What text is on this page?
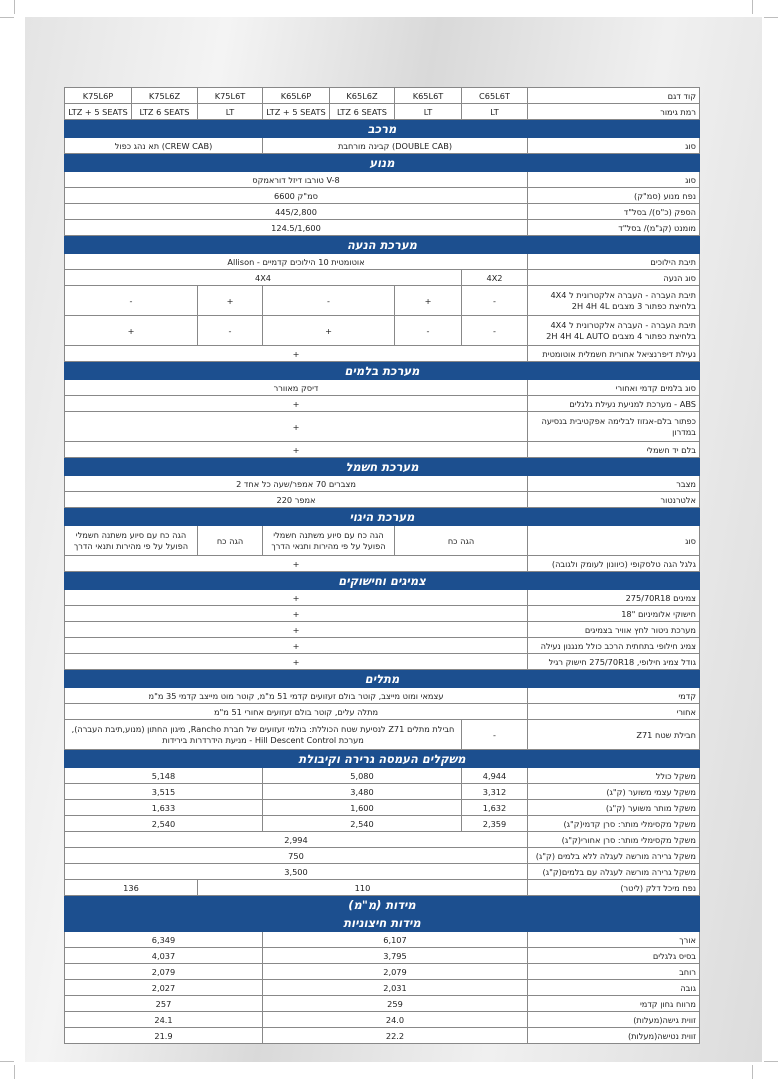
K75L6P	K75L6Z	K75L6T	K65L6P	K65L6Z	K65L6T	C65L6T	קוד דגם
LTZ + 5 SEATS	LTZ 6 SEATS	LT	LTZ + 5 SEATS	LTZ 6 SEATS	LT	LT	רמת גימור
מרכב							
תא נהג כפול (CREW CAB)			קבינה מורחבת (DOUBLE CAB)				סוג
מנוע							
טורבו דיזל דוראמקס V-8							סוג
6600 סמ"ק							נפח מנוע (סמ"ק)
445/2,800							הספק (כ"ס)/ בסל"ד
124.5/1,600							מומנט (קג"מ)/ בסל"ד
מערכת הנעה							
Allison - אוטומטית 10 הילוכים קדמיים							תיבת הילוכים
4X4						4X2	סוג הנעה
-		+	-		+	-	תיבת העברה - העברה אלקטרונית ל 4X4 בלחיצת כפתור 3 מצבים 2H 4H 4L
+		-	+		-	-	תיבת העברה - העברה אלקטרונית ל 4X4 בלחיצת כפתור 4 מצבים 2H 4H 4L AUTO
+							נעילת דיפרנציאל אחורית חשמלית אוטומטית
מערכת בלמים							
דיסק מאוורר							סוג בלמים קדמי ואחורי
+							ABS - מערכת למניעת נעילת גלגלים
+							כפתור בלם-אגזוז לבלימה אפקטיבית בנסיעה במדרון
+							בלם יד חשמלי
מערכת חשמל							
2 מצברים 70 אמפר/שעה כל אחד							מצבר
220 אמפר							אלטרנטור
מערכת היגוי							
הגה כח עם סיוע משתנה חשמלי הפועל על פי מהירות ותנאי הדרך		הגה כח	הגה כח עם סיוע משתנה חשמלי הפועל על פי מהירות ותנאי הדרך		הגה כח		סוג
+							גלגל הגה טלסקופי (כיוונון לעומק ולגובה)
צמיגים וחישוקים							
+							צמיגים 275/70R18
+							חישוקי אלומיניום "18
+							מערכת ניטור לחץ אוויר בצמיגים
+							צמיג חילופי בתחתית הרכב כולל מנגנון נעילה
+							גודל צמיג חילופי, 275/70R18 חישוק רגיל
מתלים							
עצמאי ומוט מייצב, קוטר בולם זעזועים קדמי 51 מ"מ, קוטר מוט מייצב קדמי 35 מ"מ							קדמי
מתלה עלים, קוטר בולם זעזועים אחורי 51 מ"מ							אחורי
חבילת מתלים Z71 לנסיעת שטח הכוללת: בולמי זעזועים של חברת Rancho, מיגון החתון (מנוע,תיבת העברה), מערכת Hill Descent Control - מניעת הידרדרות בירידות						-	חבילת שטח Z71
משקלים העמסה גרירה וקיבולת							
5,148			5,080			4,944	משקל כולל
3,515			3,480			3,312	משקל עצמי משוער (ק"ג)
1,633			1,600			1,632	משקל מותר משוער (ק"ג)
2,540			2,540			2,359	משקל מקסימלי מותר: סרן קדמי(ק"ג)
2,994							משקל מקסימלי מותר: סרן אחורי(ק"ג)
750							משקל גרירה מורשה לעגלה ללא בלמים (ק"ג)
3,500							משקל גרירה מורשה לעגלה עם בלמים(ק"ג)
136		110					נפח מיכל דלק (ליטר)
מידות (מ"מ)							
מידות חיצוניות							
6,349			6,107				אורך
4,037			3,795				בסיס גלגלים
2,079			2,079				רוחב
2,027			2,031				גובה
257			259				מרווח גחון קדמי
24.1			24.0				זווית גישה(מעלות)
21.9			22.2				זווית נטישה(מעלות)
